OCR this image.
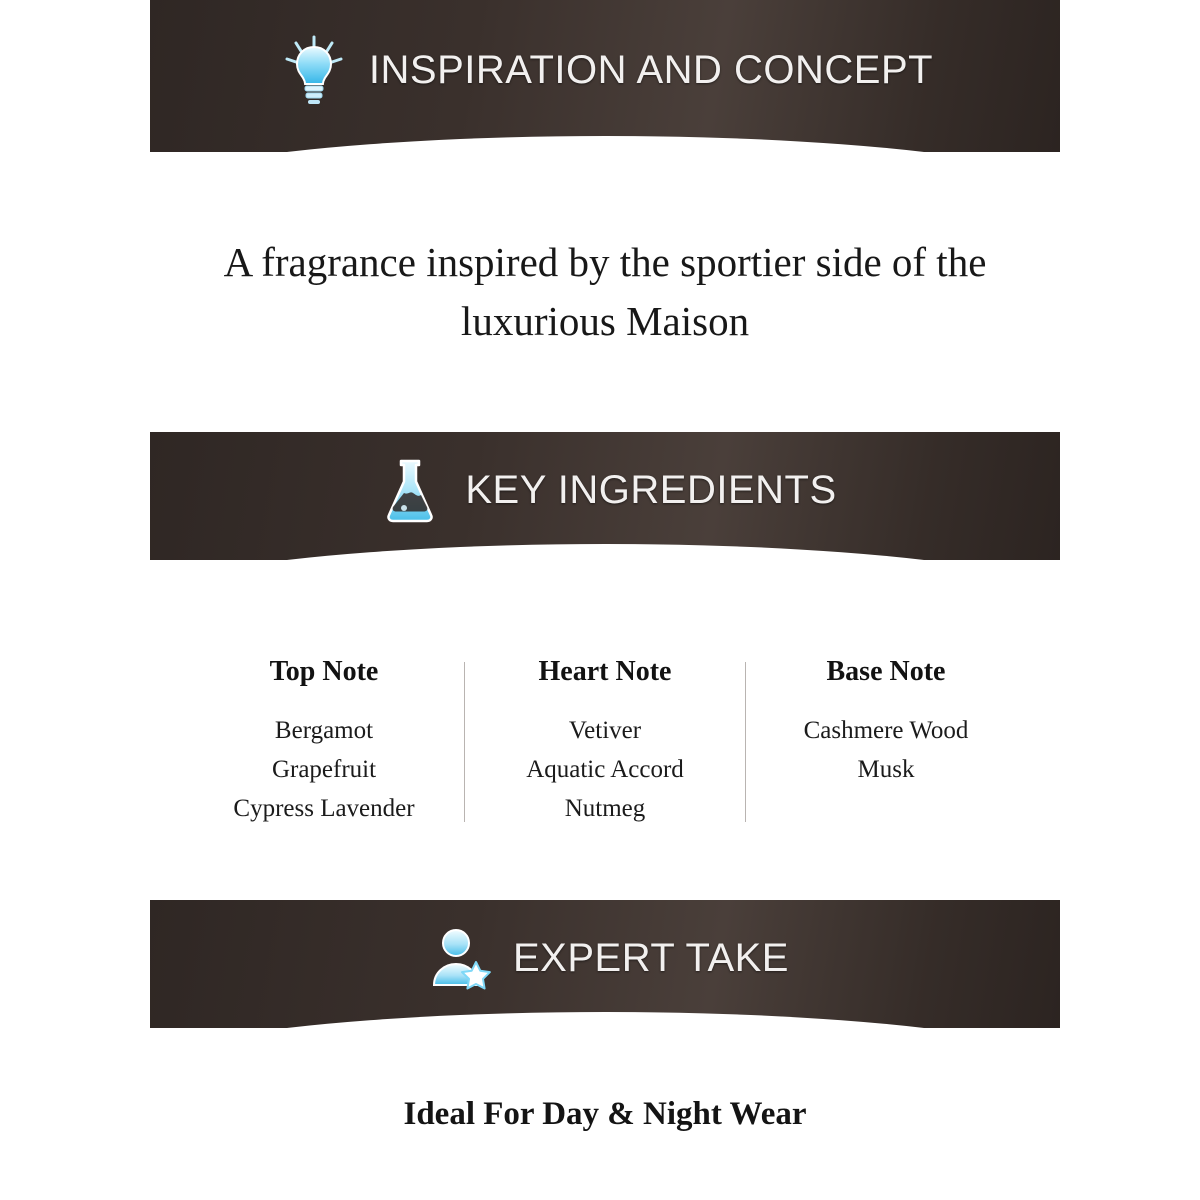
INSPIRATION AND CONCEPT
A fragrance inspired by the sportier side of the luxurious Maison
KEY INGREDIENTS
Top Note
Bergamot
Grapefruit
Cypress Lavender
Heart Note
Vetiver
Aquatic Accord
Nutmeg
Base Note
Cashmere Wood
Musk
EXPERT TAKE
Ideal For Day & Night Wear
